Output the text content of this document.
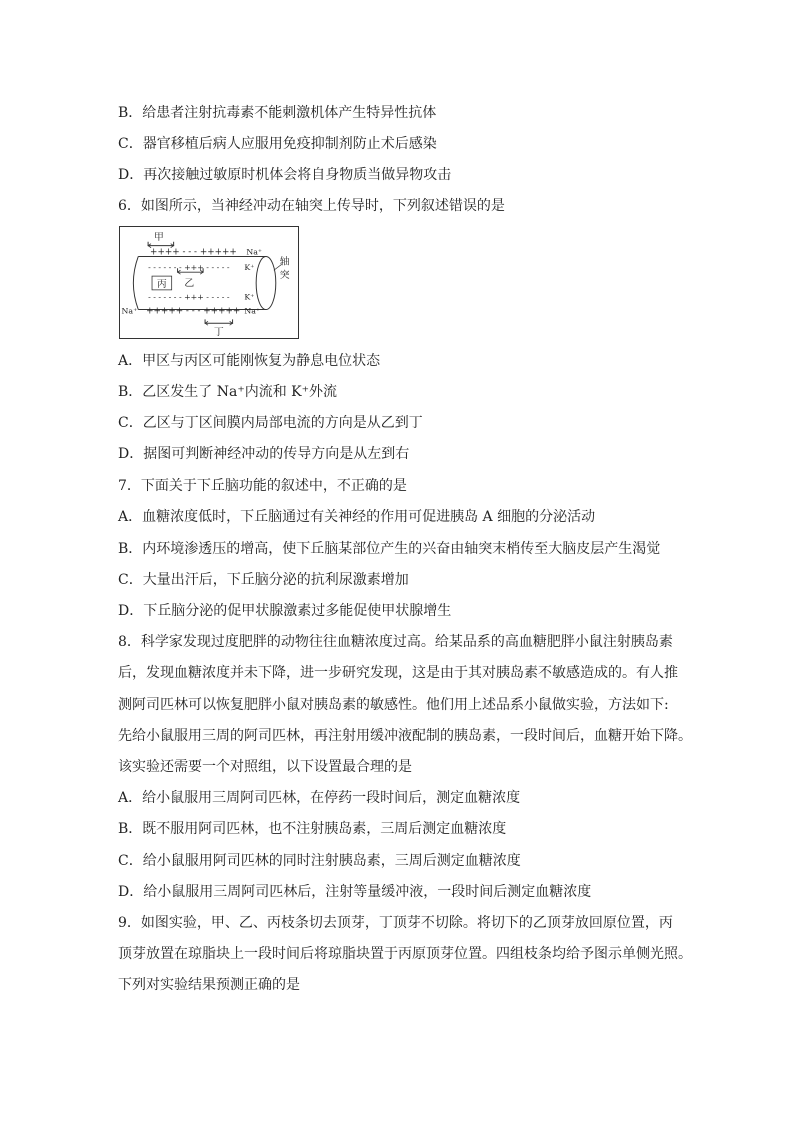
B．给患者注射抗毒素不能刺激机体产生特异性抗体
C．器官移植后病人应服用免疫抑制剂防止术后感染
D．再次接触过敏原时机体会将自身物质当做异物攻击
6．如图所示，当神经冲动在轴突上传导时，下列叙述错误的是
甲
乙
丙
丁
++++ - - - +++++
- - - - - - - +++ - - - - -
- - - - - - - +++ - - - - -
+++++ - - - +++++
Na⁺
Na⁺
Na⁺
K⁺
K⁺
轴
突
A．甲区与丙区可能刚恢复为静息电位状态
B．乙区发生了 Na⁺内流和 K⁺外流
C．乙区与丁区间膜内局部电流的方向是从乙到丁
D．据图可判断神经冲动的传导方向是从左到右
7．下面关于下丘脑功能的叙述中，不正确的是
A．血糖浓度低时，下丘脑通过有关神经的作用可促进胰岛 A 细胞的分泌活动
B．内环境渗透压的增高，使下丘脑某部位产生的兴奋由轴突末梢传至大脑皮层产生渴觉
C．大量出汗后，下丘脑分泌的抗利尿激素增加
D．下丘脑分泌的促甲状腺激素过多能促使甲状腺增生
8．科学家发现过度肥胖的动物往往血糖浓度过高。给某品系的高血糖肥胖小鼠注射胰岛素
后，发现血糖浓度并未下降，进一步研究发现，这是由于其对胰岛素不敏感造成的。有人推
测阿司匹林可以恢复肥胖小鼠对胰岛素的敏感性。他们用上述品系小鼠做实验，方法如下:
先给小鼠服用三周的阿司匹林，再注射用缓冲液配制的胰岛素，一段时间后，血糖开始下降。
该实验还需要一个对照组，以下设置最合理的是
A．给小鼠服用三周阿司匹林，在停药一段时间后，测定血糖浓度
B．既不服用阿司匹林，也不注射胰岛素，三周后测定血糖浓度
C．给小鼠服用阿司匹林的同时注射胰岛素，三周后测定血糖浓度
D．给小鼠服用三周阿司匹林后，注射等量缓冲液，一段时间后测定血糖浓度
9．如图实验，甲、乙、丙枝条切去顶芽，丁顶芽不切除。将切下的乙顶芽放回原位置，丙
顶芽放置在琼脂块上一段时间后将琼脂块置于丙原顶芽位置。四组枝条均给予图示单侧光照。
下列对实验结果预测正确的是
